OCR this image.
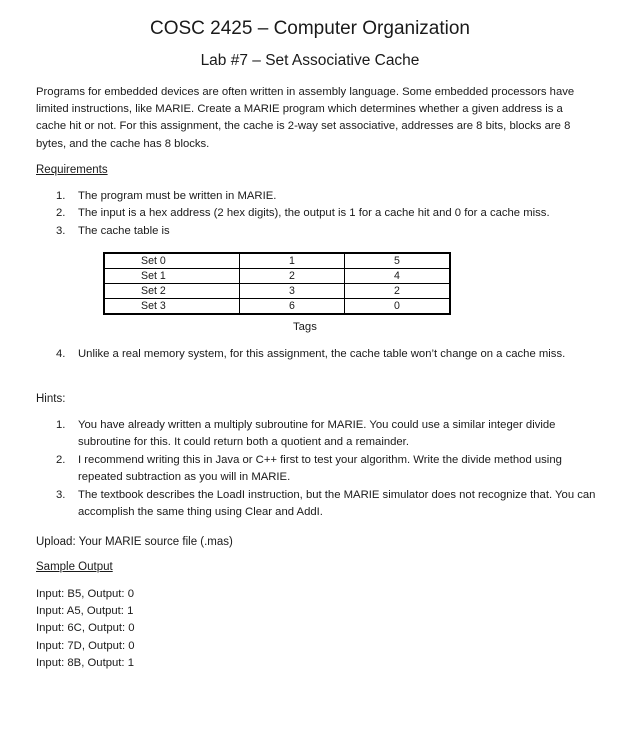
COSC 2425 – Computer Organization
Lab #7 – Set Associative Cache

Programs for embedded devices are often written in assembly language. Some embedded processors have limited instructions, like MARIE. Create a MARIE program which determines whether a given address is a cache hit or not. For this assignment, the cache is 2-way set associative, addresses are 8 bits, blocks are 8 bytes, and the cache has 8 blocks.

Requirements
1. The program must be written in MARIE.
2. The input is a hex address (2 hex digits), the output is 1 for a cache hit and 0 for a cache miss.
3. The cache table is
Set 0	1	5
Set 1	2	4
Set 2	3	2
Set 3	6	0
Tags
4. Unlike a real memory system, for this assignment, the cache table won’t change on a cache miss.
Hints:
1. You have already written a multiply subroutine for MARIE. You could use a similar integer divide subroutine for this. It could return both a quotient and a remainder.
2. I recommend writing this in Java or C++ first to test your algorithm. Write the divide method using repeated subtraction as you will in MARIE.
3. The textbook describes the LoadI instruction, but the MARIE simulator does not recognize that. You can accomplish the same thing using Clear and AddI.
Upload: Your MARIE source file (.mas)
Sample Output
Input: B5, Output: 0
Input: A5, Output: 1
Input: 6C, Output: 0
Input: 7D, Output: 0
Input: 8B, Output: 1
